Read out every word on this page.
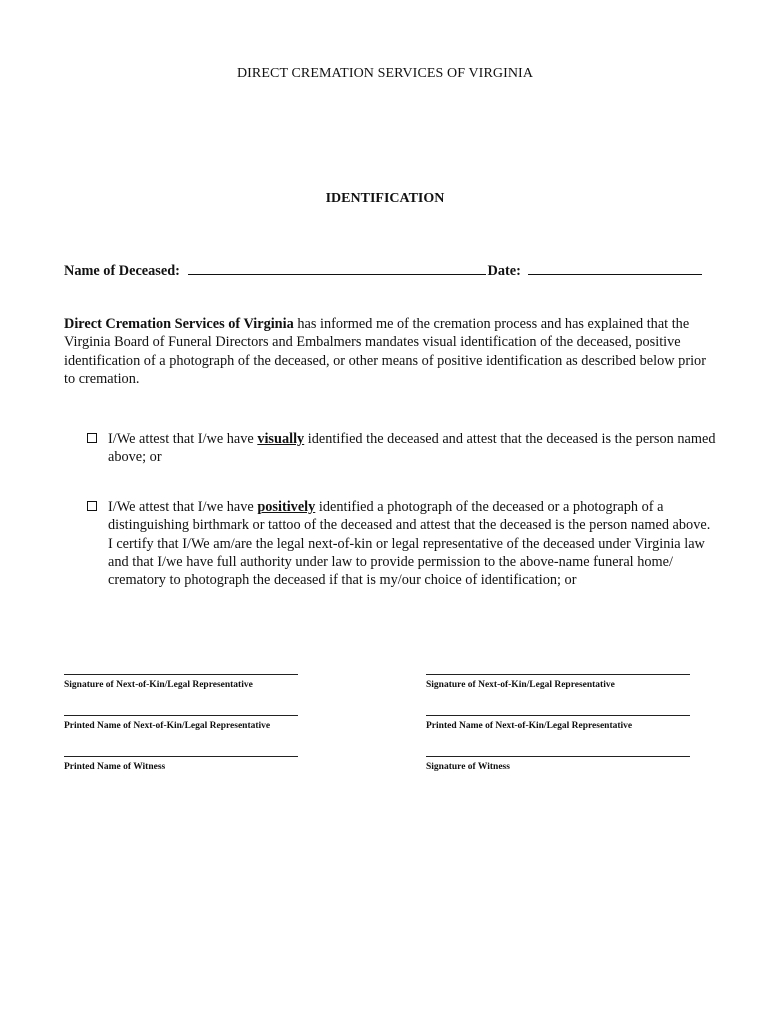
DIRECT CREMATION SERVICES OF VIRGINIA
IDENTIFICATION
Name of Deceased:	Date:
Direct Cremation Services of Virginia has informed me of the cremation process and has explained that the Virginia Board of Funeral Directors and Embalmers mandates visual identification of the deceased, positive identification of a photograph of the deceased, or other means of positive identification as described below prior to cremation.
I/We attest that I/we have visually identified the deceased and attest that the deceased is the person named above; or
I/We attest that I/we have positively identified a photograph of the deceased or a photograph of a distinguishing birthmark or tattoo of the deceased and attest that the deceased is the person named above. I certify that I/We am/are the legal next-of-kin or legal representative of the deceased under Virginia law and that I/we have full authority under law to provide permission to the above-name funeral home/ crematory to photograph the deceased if that is my/our choice of identification; or
Signature of Next-of-Kin/Legal Representative
Printed Name of Next-of-Kin/Legal Representative
Printed Name of Witness
Signature of Next-of-Kin/Legal Representative
Printed Name of Next-of-Kin/Legal Representative
Signature of Witness
